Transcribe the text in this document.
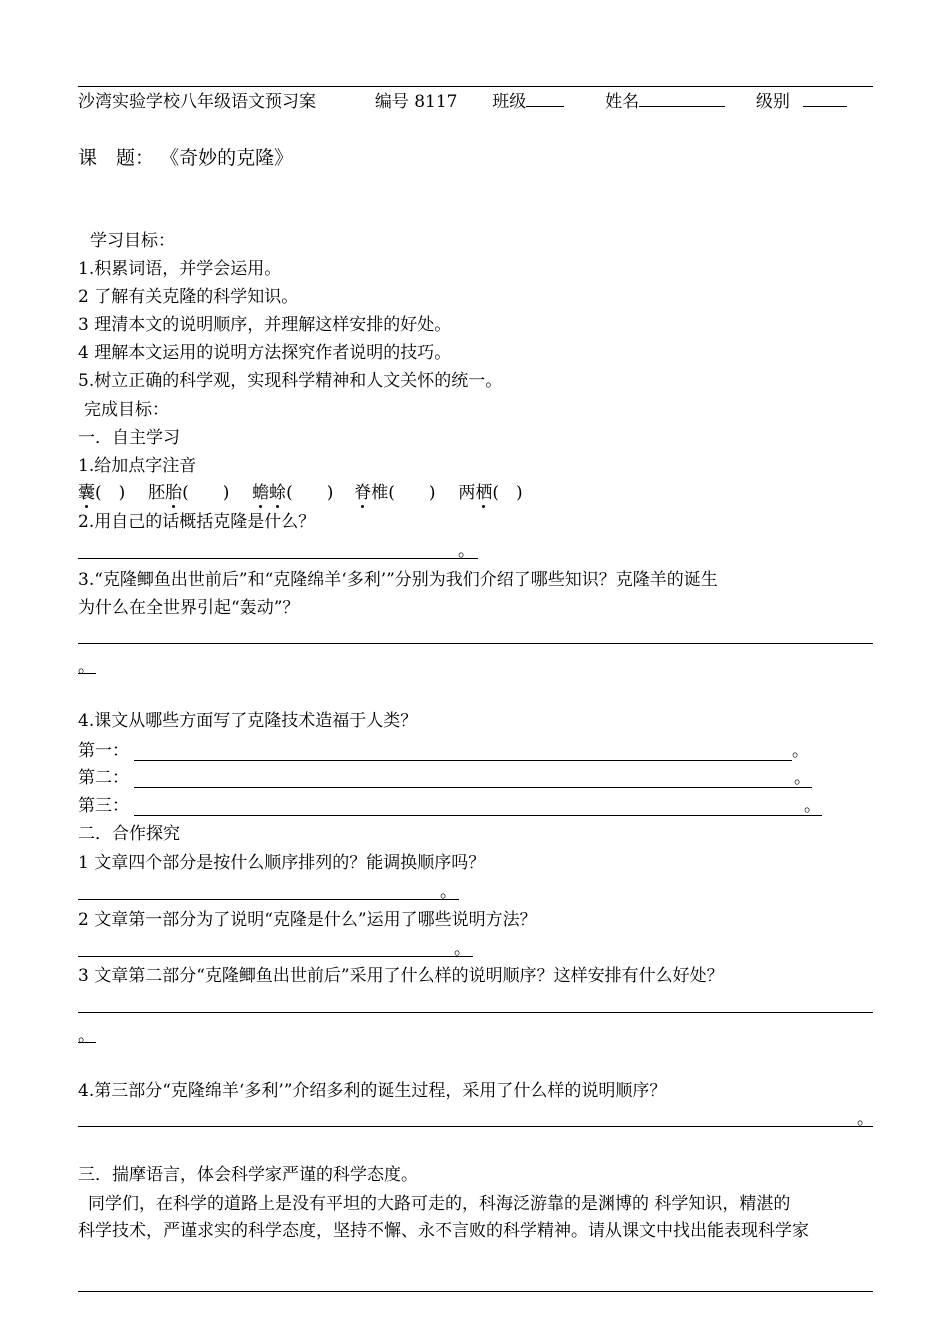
沙湾实验学校八年级语文预习案	编号 8117 班级	姓名	级别
课　题： 《奇妙的克隆》
学习目标：
1.积累词语，并学会运用。
2 了解有关克隆的科学知识。
3 理清本文的说明顺序，并理解这样安排的好处。
4 理解本文运用的说明方法探究作者说明的技巧。
5.树立正确的科学观，实现科学精神和人文关怀的统一。
完成目标：
一．自主学习
1.给加点字注音
囊(　) 胚胎(　　) 蟾蜍(　　) 脊椎(　　) 两栖(　)
2.用自己的话概括克隆是什么？
。
3.“克隆鲫鱼出世前后”和“克隆绵羊‘多利’”分别为我们介绍了哪些知识？克隆羊的诞生
为什么在全世界引起“轰动”？
。
4.课文从哪些方面写了克隆技术造福于人类？
第一：	。
第二：	。
第三：	。
二．合作探究
1 文章四个部分是按什么顺序排列的？能调换顺序吗？
。
2 文章第一部分为了说明“克隆是什么”运用了哪些说明方法？
。
3 文章第二部分“克隆鲫鱼出世前后”采用了什么样的说明顺序？这样安排有什么好处？
。
4.第三部分“克隆绵羊‘多利’”介绍多利的诞生过程，采用了什么样的说明顺序？
。
三．揣摩语言，体会科学家严谨的科学态度。
同学们，在科学的道路上是没有平坦的大路可走的，科海泛游靠的是渊博的 科学知识，精湛的
科学技术，严谨求实的科学态度，坚持不懈、永不言败的科学精神。请从课文中找出能表现科学家
